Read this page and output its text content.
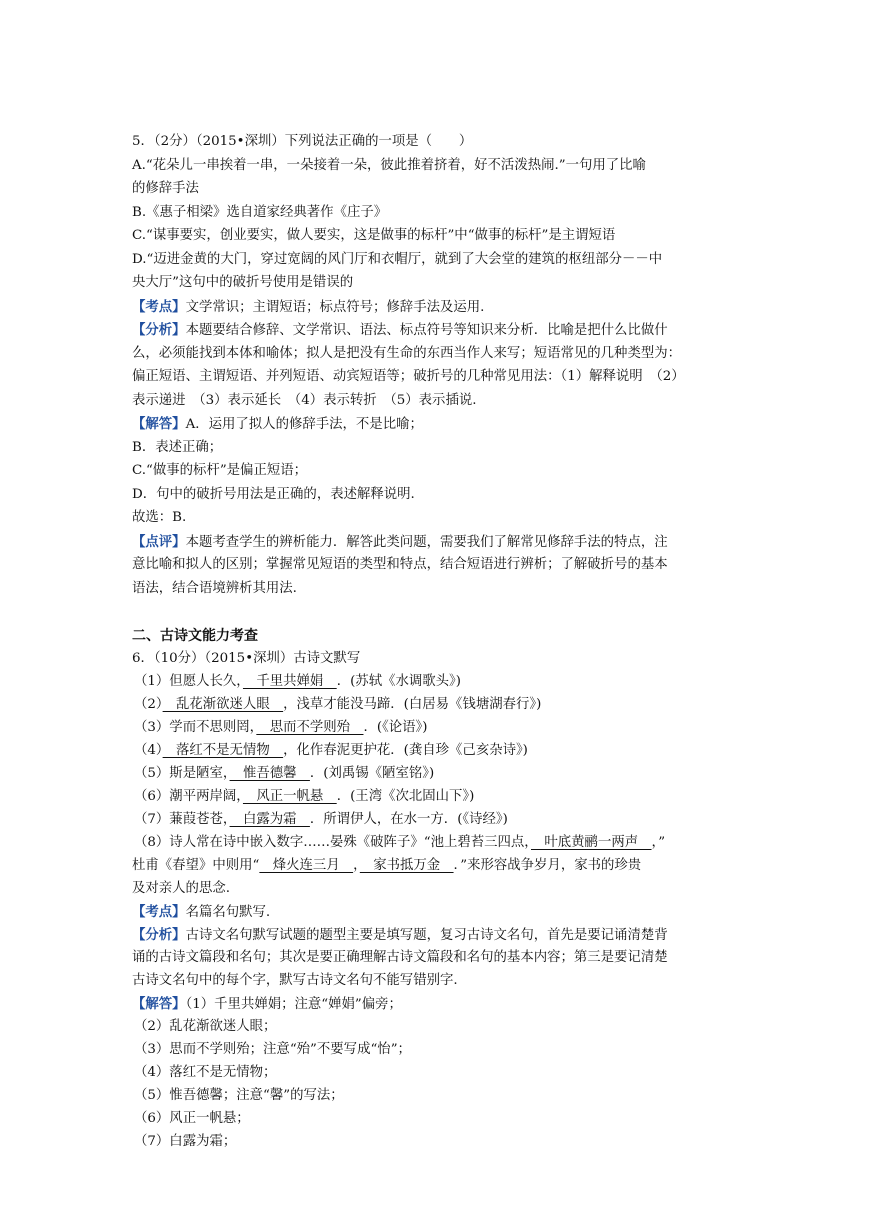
5．（2分）（2015•深圳）下列说法正确的一项是（　　）
A.“花朵儿一串挨着一串，一朵接着一朵，彼此推着挤着，好不活泼热闹.”一句用了比喻
的修辞手法
B.《惠子相梁》选自道家经典著作《庄子》
C.“谋事要实，创业要实，做人要实，这是做事的标杆”中“做事的标杆”是主谓短语
D.“迈进金黄的大门，穿过宽阔的风门厅和衣帽厅，就到了大会堂的建筑的枢纽部分－－中
央大厅”这句中的破折号使用是错误的
【考点】文学常识；主谓短语；标点符号；修辞手法及运用.
【分析】本题要结合修辞、文学常识、语法、标点符号等知识来分析．比喻是把什么比做什
么，必须能找到本体和喻体；拟人是把没有生命的东西当作人来写；短语常见的几种类型为：
偏正短语、主谓短语、并列短语、动宾短语等；破折号的几种常见用法：（1）解释说明　（2）
表示递进　（3）表示延长　（4）表示转折　（5）表示插说.
【解答】A．运用了拟人的修辞手法，不是比喻；
B．表述正确；
C.“做事的标杆”是偏正短语；
D．句中的破折号用法是正确的，表述解释说明.
故选：B.
【点评】本题考查学生的辨析能力．解答此类问题，需要我们了解常见修辞手法的特点，注
意比喻和拟人的区别；掌握常见短语的类型和特点，结合短语进行辨析；了解破折号的基本
语法，结合语境辨析其用法.
二、古诗文能力考查
6．（10分）（2015•深圳）古诗文默写
（1）但愿人长久，　千里共婵娟　．(苏轼《水调歌头》)
（2）　乱花渐欲迷人眼　，浅草才能没马蹄．(白居易《钱塘湖春行》)
（3）学而不思则罔，　思而不学则殆　．(《论语》)
（4）　落红不是无情物　，化作春泥更护花．(龚自珍《己亥杂诗》)
（5）斯是陋室，　惟吾德馨　．(刘禹锡《陋室铭》)
（6）潮平两岸阔，　风正一帆悬　．(王湾《次北固山下》)
（7）蒹葭苍苍，　白露为霜　．所谓伊人，在水一方．(《诗经》)
（8）诗人常在诗中嵌入数字……晏殊《破阵子》“池上碧苔三四点，　叶底黄鹂一两声　，”
杜甫《春望》中则用“　烽火连三月　，　家书抵万金　．”来形容战争岁月，家书的珍贵
及对亲人的思念.
【考点】名篇名句默写.
【分析】古诗文名句默写试题的题型主要是填写题，复习古诗文名句，首先是要记诵清楚背
诵的古诗文篇段和名句；其次是要正确理解古诗文篇段和名句的基本内容；第三是要记清楚
古诗文名句中的每个字，默写古诗文名句不能写错别字.
【解答】（1）千里共婵娟；注意“婵娟”偏旁；
（2）乱花渐欲迷人眼；
（3）思而不学则殆；注意“殆”不要写成“怡”；
（4）落红不是无情物；
（5）惟吾德馨；注意“馨”的写法；
（6）风正一帆悬；
（7）白露为霜；
